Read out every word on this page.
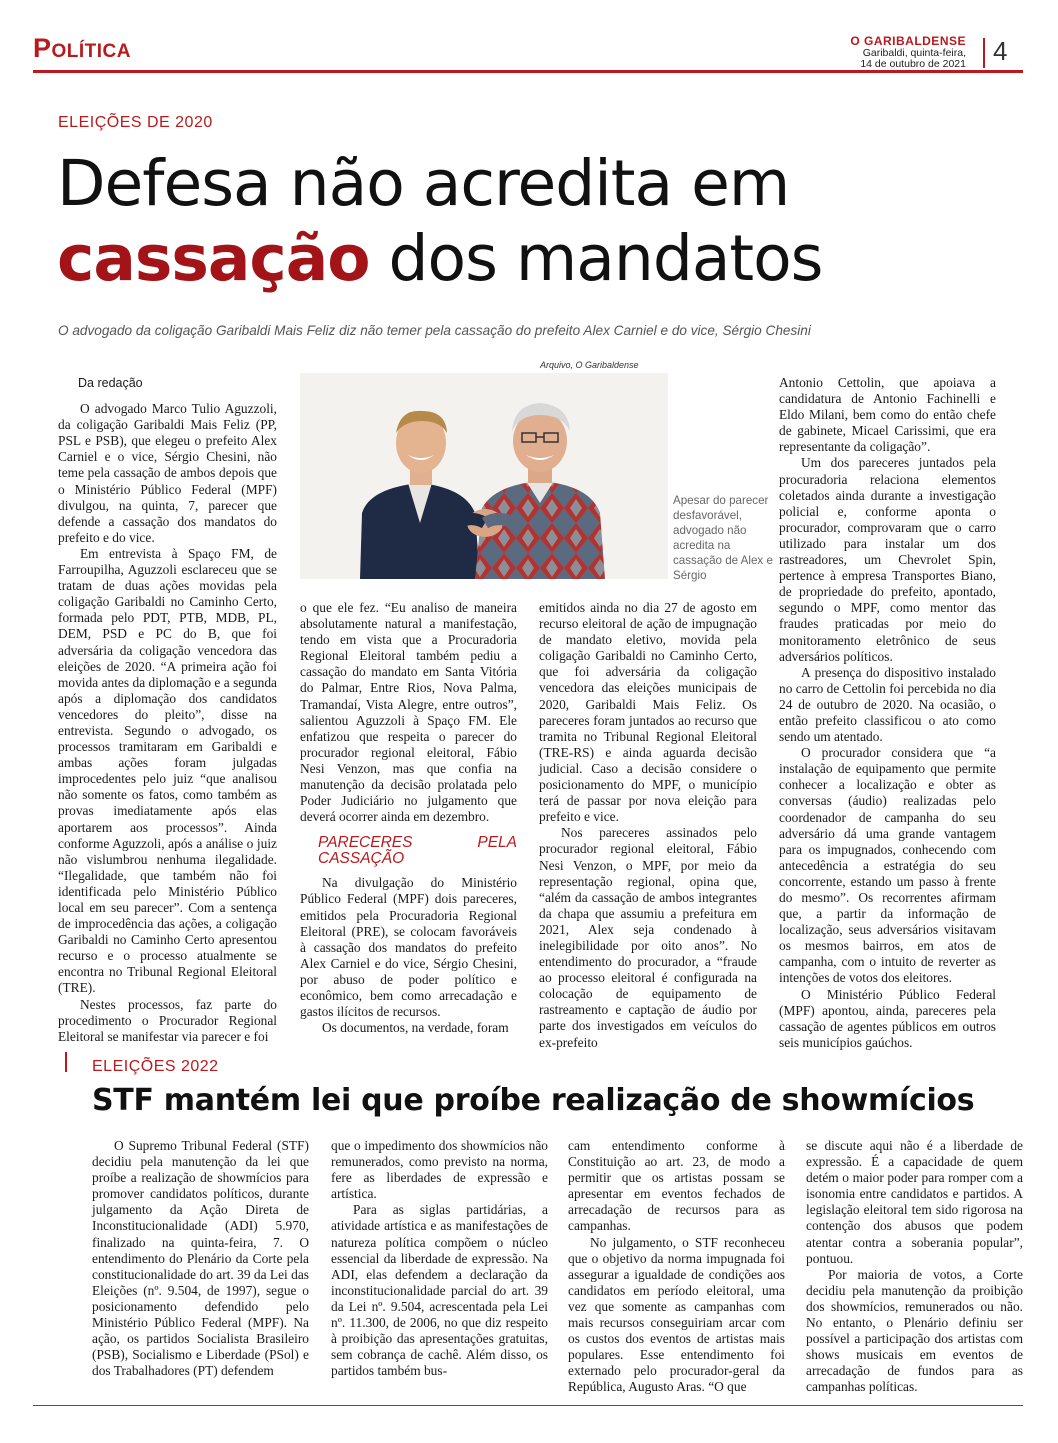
Política	O GARIBALDENSE
Garibaldi, quinta-feira,
14 de outubro de 2021 4
ELEIÇÕES DE 2020
Defesa não acredita em
cassação dos mandatos
O advogado da coligação Garibaldi Mais Feliz diz não temer pela cassação do prefeito Alex Carniel e do vice, Sérgio Chesini
Da redação

O advogado Marco Tulio Aguzzoli, da coligação Garibaldi Mais Feliz (PP, PSL e PSB), que elegeu o prefeito Alex Carniel e o vice, Sérgio Chesini, não teme pela cassação de ambos depois que o Ministério Público Federal (MPF) divulgou, na quinta, 7, parecer que defende a cassação dos mandatos do prefeito e do vice.

Em entrevista à Spaço FM, de Farroupilha, Aguzzoli esclareceu que se tratam de duas ações movidas pela coligação Garibaldi no Caminho Certo, formada pelo PDT, PTB, MDB, PL, DEM, PSD e PC do B, que foi adversária da coligação vencedora das eleições de 2020. “A primeira ação foi movida antes da diplomação e a segunda após a diplomação dos candidatos vencedores do pleito”, disse na entrevista. Segundo o advogado, os processos tramitaram em Garibaldi e ambas ações foram julgadas improcedentes pelo juiz “que analisou não somente os fatos, como também as provas imediatamente após elas aportarem aos processos”. Ainda conforme Aguzzoli, após a análise o juiz não vislumbrou nenhuma ilegalidade. “Ilegalidade, que também não foi identificada pelo Ministério Público local em seu parecer”. Com a sentença de improcedência das ações, a coligação Garibaldi no Caminho Certo apresentou recurso e o processo atualmente se encontra no Tribunal Regional Eleitoral (TRE).

Nestes processos, faz parte do procedimento o Procurador Regional Eleitoral se manifestar via parecer e foi

Arquivo, O Garibaldense
Apesar do parecer desfavorável, advogado não acredita na cassação de Alex e Sérgio

o que ele fez. “Eu analiso de maneira absolutamente natural a manifestação, tendo em vista que a Procuradoria Regional Eleitoral também pediu a cassação do mandato em Santa Vitória do Palmar, Entre Rios, Nova Palma, Tramandaí, Vista Alegre, entre outros”, salientou Aguzzoli à Spaço FM. Ele enfatizou que respeita o parecer do procurador regional eleitoral, Fábio Nesi Venzon, mas que confia na manutenção da decisão prolatada pelo Poder Judiciário no julgamento que deverá ocorrer ainda em dezembro.

PARECERES PELA CASSAÇÃO

Na divulgação do Ministério Público Federal (MPF) dois pareceres, emitidos pela Procuradoria Regional Eleitoral (PRE), se colocam favoráveis à cassação dos mandatos do prefeito Alex Carniel e do vice, Sérgio Chesini, por abuso de poder político e econômico, bem como arrecadação e gastos ilícitos de recursos.

Os documentos, na verdade, foram

emitidos ainda no dia 27 de agosto em recurso eleitoral de ação de impugnação de mandato eletivo, movida pela coligação Garibaldi no Caminho Certo, que foi adversária da coligação vencedora das eleições municipais de 2020, Garibaldi Mais Feliz. Os pareceres foram juntados ao recurso que tramita no Tribunal Regional Eleitoral (TRE-RS) e ainda aguarda decisão judicial. Caso a decisão considere o posicionamento do MPF, o município terá de passar por nova eleição para prefeito e vice.

Nos pareceres assinados pelo procurador regional eleitoral, Fábio Nesi Venzon, o MPF, por meio da representação regional, opina que, “além da cassação de ambos integrantes da chapa que assumiu a prefeitura em 2021, Alex seja condenado à inelegibilidade por oito anos”. No entendimento do procurador, a “fraude ao processo eleitoral é configurada na colocação de equipamento de rastreamento e captação de áudio por parte dos investigados em veículos do ex-prefeito

Antonio Cettolin, que apoiava a candidatura de Antonio Fachinelli e Eldo Milani, bem como do então chefe de gabinete, Micael Carissimi, que era representante da coligação”.

Um dos pareceres juntados pela procuradoria relaciona elementos coletados ainda durante a investigação policial e, conforme aponta o procurador, comprovaram que o carro utilizado para instalar um dos rastreadores, um Chevrolet Spin, pertence à empresa Transportes Biano, de propriedade do prefeito, apontado, segundo o MPF, como mentor das fraudes praticadas por meio do monitoramento eletrônico de seus adversários políticos.

A presença do dispositivo instalado no carro de Cettolin foi percebida no dia 24 de outubro de 2020. Na ocasião, o então prefeito classificou o ato como sendo um atentado.

O procurador considera que “a instalação de equipamento que permite conhecer a localização e obter as conversas (áudio) realizadas pelo coordenador de campanha do seu adversário dá uma grande vantagem para os impugnados, conhecendo com antecedência a estratégia do seu concorrente, estando um passo à frente do mesmo”. Os recorrentes afirmam que, a partir da informação de localização, seus adversários visitavam os mesmos bairros, em atos de campanha, com o intuito de reverter as intenções de votos dos eleitores.

O Ministério Público Federal (MPF) apontou, ainda, pareceres pela cassação de agentes públicos em outros seis municípios gaúchos.

ELEIÇÕES 2022
STF mantém lei que proíbe realização de showmícios

O Supremo Tribunal Federal (STF) decidiu pela manutenção da lei que proíbe a realização de showmícios para promover candidatos políticos, durante julgamento da Ação Direta de Inconstitucionalidade (ADI) 5.970, finalizado na quinta-feira, 7. O entendimento do Plenário da Corte pela constitucionalidade do art. 39 da Lei das Eleições (nº. 9.504, de 1997), segue o posicionamento defendido pelo Ministério Público Federal (MPF). Na ação, os partidos Socialista Brasileiro (PSB), Socialismo e Liberdade (PSol) e dos Trabalhadores (PT) defendem

que o impedimento dos showmícios não remunerados, como previsto na norma, fere as liberdades de expressão e artística.

Para as siglas partidárias, a atividade artística e as manifestações de natureza política compõem o núcleo essencial da liberdade de expressão. Na ADI, elas defendem a declaração da inconstitucionalidade parcial do art. 39 da Lei nº. 9.504, acrescentada pela Lei nº. 11.300, de 2006, no que diz respeito à proibição das apresentações gratuitas, sem cobrança de cachê. Além disso, os partidos também bus-

cam entendimento conforme à Constituição ao art. 23, de modo a permitir que os artistas possam se apresentar em eventos fechados de arrecadação de recursos para as campanhas.

No julgamento, o STF reconheceu que o objetivo da norma impugnada foi assegurar a igualdade de condições aos candidatos em período eleitoral, uma vez que somente as campanhas com mais recursos conseguiriam arcar com os custos dos eventos de artistas mais populares. Esse entendimento foi externado pelo procurador-geral da República, Augusto Aras. “O que

se discute aqui não é a liberdade de expressão. É a capacidade de quem detém o maior poder para romper com a isonomia entre candidatos e partidos. A legislação eleitoral tem sido rigorosa na contenção dos abusos que podem atentar contra a soberania popular”, pontuou.

Por maioria de votos, a Corte decidiu pela manutenção da proibição dos showmícios, remunerados ou não. No entanto, o Plenário definiu ser possível a participação dos artistas com shows musicais em eventos de arrecadação de fundos para as campanhas políticas.
